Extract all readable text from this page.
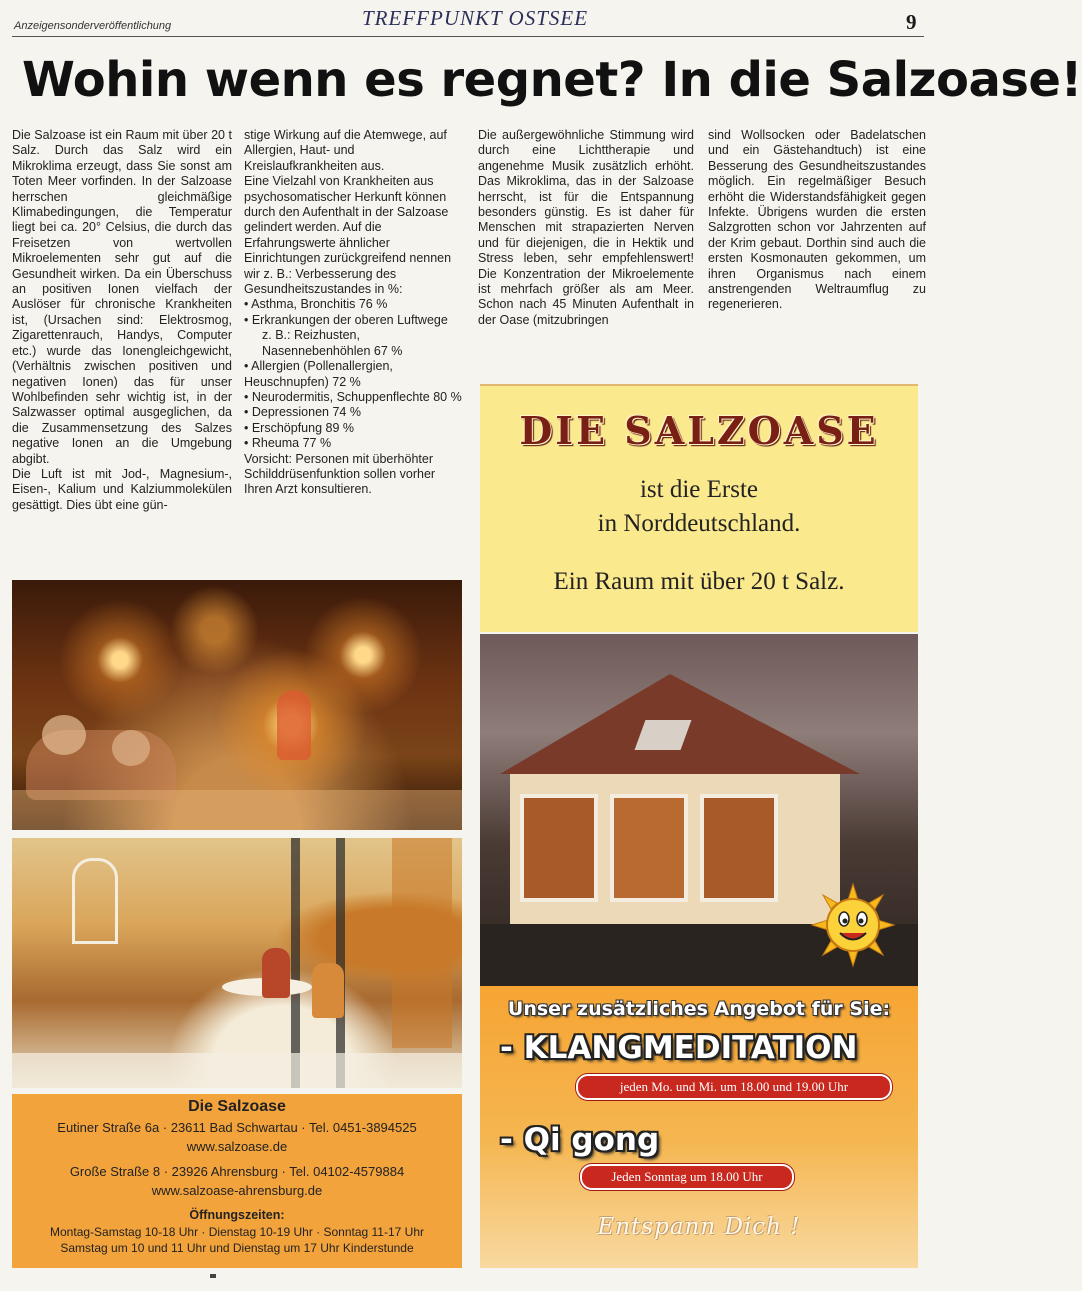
Anzeigensonderveröffentlichung	TREFFPUNKT OSTSEE	9
Wohin wenn es regnet? In die Salzoase!

Die Salzoase ist ein Raum mit über 20 t Salz. Durch das Salz wird ein Mikroklima erzeugt, dass Sie sonst am Toten Meer vorfinden. In der Salzoase herrschen gleichmäßige Klimabedingungen, die Temperatur liegt bei ca. 20° Celsius, die durch das Freisetzen von wertvollen Mikroelementen sehr gut auf die Gesundheit wirken. Da ein Überschuss an positiven Ionen vielfach der Auslöser für chronische Krankheiten ist, (Ursachen sind: Elektrosmog, Zigarettenrauch, Handys, Computer etc.) wurde das Ionengleichgewicht, (Verhältnis zwischen positiven und negativen Ionen) das für unser Wohlbefinden sehr wichtig ist, in der Salzwasser optimal ausgeglichen, da die Zusammensetzung des Salzes negative Ionen an die Umgebung abgibt.

Die Luft ist mit Jod-, Magnesium-, Eisen-, Kalium und Kalziummolekülen gesättigt. Dies übt eine gün-

stige Wirkung auf die Atemwege, auf Allergien, Haut- und Kreislaufkrankheiten aus.

Eine Vielzahl von Krankheiten aus psychosomatischer Herkunft können durch den Aufenthalt in der Salzoase gelindert werden. Auf die Erfahrungswerte ähnlicher Einrichtungen zurückgreifend nennen wir z. B.: Verbesserung des Gesundheitszustandes in %:

• Asthma, Bronchitis 76 %
• Erkrankungen der oberen Luftwege
z. B.: Reizhusten, Nasennebenhöhlen 67 %
• Allergien (Pollenallergien, Heuschnupfen) 72 %
• Neurodermitis, Schuppenflechte 80 %
• Depressionen 74 %
• Erschöpfung 89 %
• Rheuma 77 %

Vorsicht: Personen mit überhöhter Schilddrüsenfunktion sollen vorher Ihren Arzt konsultieren.

Die außergewöhnliche Stimmung wird durch eine Lichttherapie und angenehme Musik zusätzlich erhöht. Das Mikroklima, das in der Salzoase herrscht, ist für die Entspannung besonders günstig. Es ist daher für Menschen mit strapazierten Nerven und für diejenigen, die in Hektik und Stress leben, sehr empfehlenswert! Die Konzentration der Mikroelemente ist mehrfach größer als am Meer. Schon nach 45 Minuten Aufenthalt in der Oase (mitzubringen

sind Wollsocken oder Badelatschen und ein Gästehandtuch) ist eine Besserung des Gesundheitszustandes möglich. Ein regelmäßiger Besuch erhöht die Widerstandsfähigkeit gegen Infekte. Übrigens wurden die ersten Salzgrotten schon vor Jahrzenten auf der Krim gebaut. Dorthin sind auch die ersten Kosmonauten gekommen, um ihren Organismus nach einem anstrengenden Weltraumflug zu regenerieren.

Die Salzoase
Eutiner Straße 6a · 23611 Bad Schwartau · Tel. 0451-3894525
www.salzoase.de
Große Straße 8 · 23926 Ahrensburg · Tel. 04102-4579884
www.salzoase-ahrensburg.de
Öffnungszeiten:
Montag-Samstag 10-18 Uhr · Dienstag 10-19 Uhr · Sonntag 11-17 Uhr
Samstag um 10 und 11 Uhr und Dienstag um 17 Uhr Kinderstunde
DIE SALZOASE
ist die Erste
in Norddeutschland.
Ein Raum mit über 20 t Salz.
Unser zusätzliches Angebot für Sie:
- KLANGMEDITATION
jeden Mo. und Mi. um 18.00 und 19.00 Uhr
- Qi gong
Jeden Sonntag um 18.00 Uhr
Entspann Dich !
